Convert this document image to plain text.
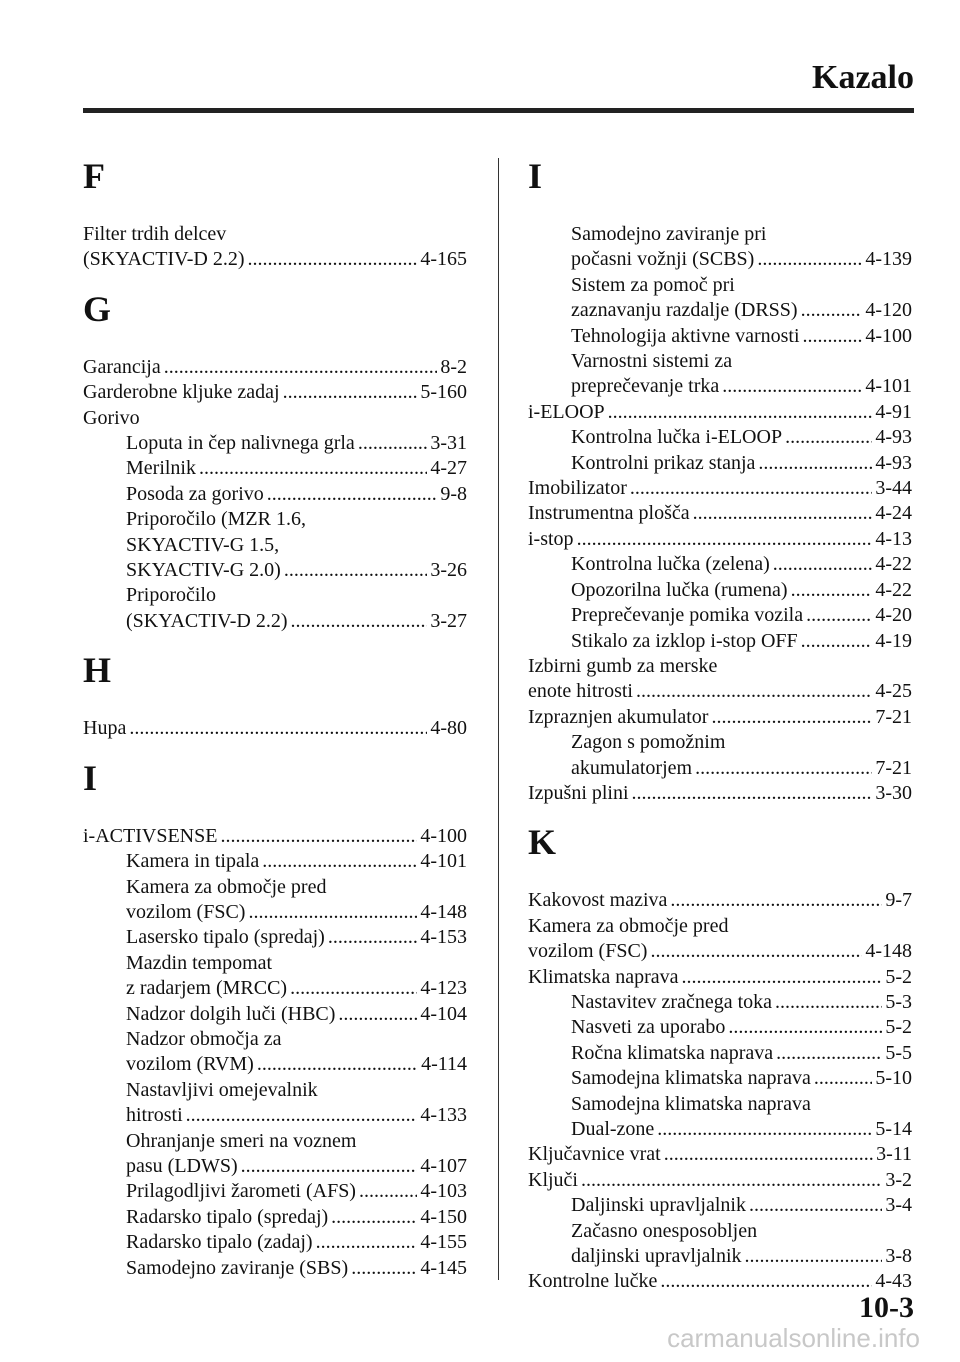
Kazalo
F
Filter trdih delcev
(SKYACTIV-D 2.2) .....	4-165
G
Garancija .....	8-2
Garderobne kljuke zadaj .....	5-160
Gorivo
Loputa in čep nalivnega grla .....	3-31
Merilnik .....	4-27
Posoda za gorivo .....	9-8
Priporočilo (MZR 1.6,
SKYACTIV-G 1.5,
SKYACTIV-G 2.0) .....	3-26
Priporočilo
(SKYACTIV-D 2.2) .....	3-27
H
Hupa .....	4-80
I
i-ACTIVSENSE .....	4-100
Kamera in tipala .....	4-101
Kamera za območje pred
vozilom (FSC) .....	4-148
Lasersko tipalo (spredaj) .....	4-153
Mazdin tempomat
z radarjem (MRCC) .....	4-123
Nadzor dolgih luči (HBC) .....	4-104
Nadzor območja za
vozilom (RVM) .....	4-114
Nastavljivi omejevalnik
hitrosti .....	4-133
Ohranjanje smeri na voznem
pasu (LDWS) .....	4-107
Prilagodljivi žarometi (AFS) .....	4-103
Radarsko tipalo (spredaj) .....	4-150
Radarsko tipalo (zadaj) .....	4-155
Samodejno zaviranje (SBS) .....	4-145
I
Samodejno zaviranje pri
počasni vožnji (SCBS) .....	4-139
Sistem za pomoč pri
zaznavanju razdalje (DRSS) .....	4-120
Tehnologija aktivne varnosti .....	4-100
Varnostni sistemi za
preprečevanje trka .....	4-101
i-ELOOP .....	4-91
Kontrolna lučka i-ELOOP .....	4-93
Kontrolni prikaz stanja .....	4-93
Imobilizator .....	3-44
Instrumentna plošča .....	4-24
i-stop .....	4-13
Kontrolna lučka (zelena) .....	4-22
Opozorilna lučka (rumena) .....	4-22
Preprečevanje pomika vozila .....	4-20
Stikalo za izklop i-stop OFF .....	4-19
Izbirni gumb za merske
enote hitrosti .....	4-25
Izpraznjen akumulator .....	7-21
Zagon s pomožnim
akumulatorjem .....	7-21
Izpušni plini .....	3-30
K
Kakovost maziva .....	9-7
Kamera za območje pred
vozilom (FSC) .....	4-148
Klimatska naprava .....	5-2
Nastavitev zračnega toka .....	5-3
Nasveti za uporabo .....	5-2
Ročna klimatska naprava .....	5-5
Samodejna klimatska naprava .....	5-10
Samodejna klimatska naprava
Dual-zone .....	5-14
Ključavnice vrat .....	3-11
Ključi .....	3-2
Daljinski upravljalnik .....	3-4
Začasno onesposobljen
daljinski upravljalnik .....	3-8
Kontrolne lučke .....	4-43

10-3

carmanualsonline.info
